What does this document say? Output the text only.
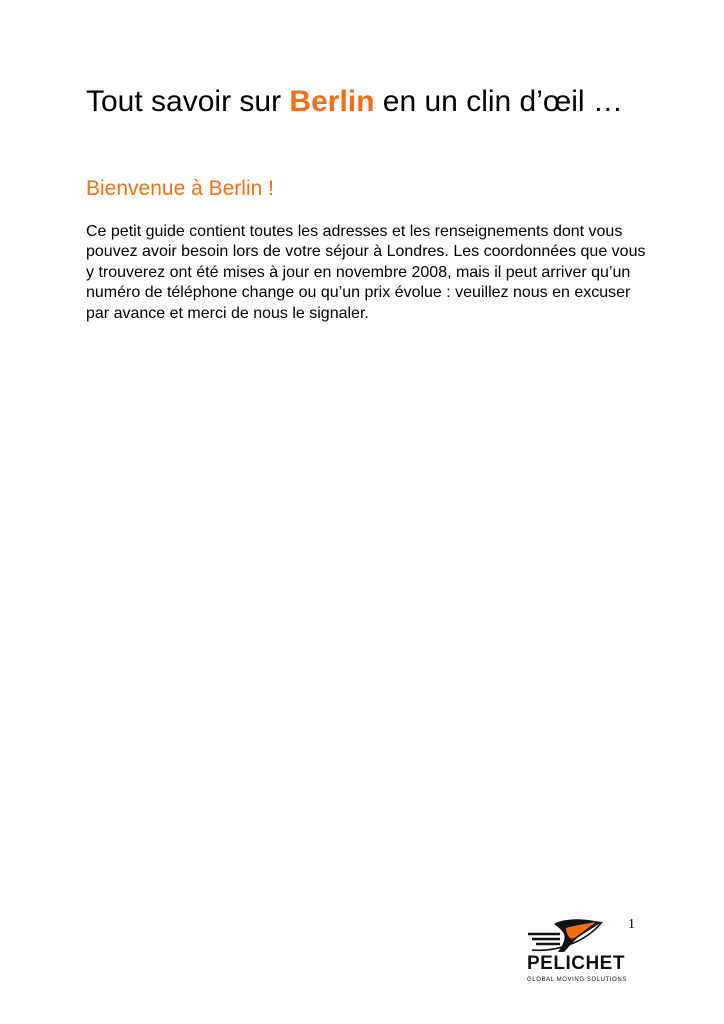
Tout savoir sur Berlin en un clin d’œil …
Bienvenue à Berlin !

Ce petit guide contient toutes les adresses et les renseignements dont vous pouvez avoir besoin lors de votre séjour à Londres. Les coordonnées que vous y trouverez ont été mises à jour en novembre 2008, mais il peut arriver qu’un numéro de téléphone change ou qu’un prix évolue : veuillez nous en excuser par avance et merci de nous le signaler.

PELICHET
GLOBAL MOVING SOLUTIONS
1
